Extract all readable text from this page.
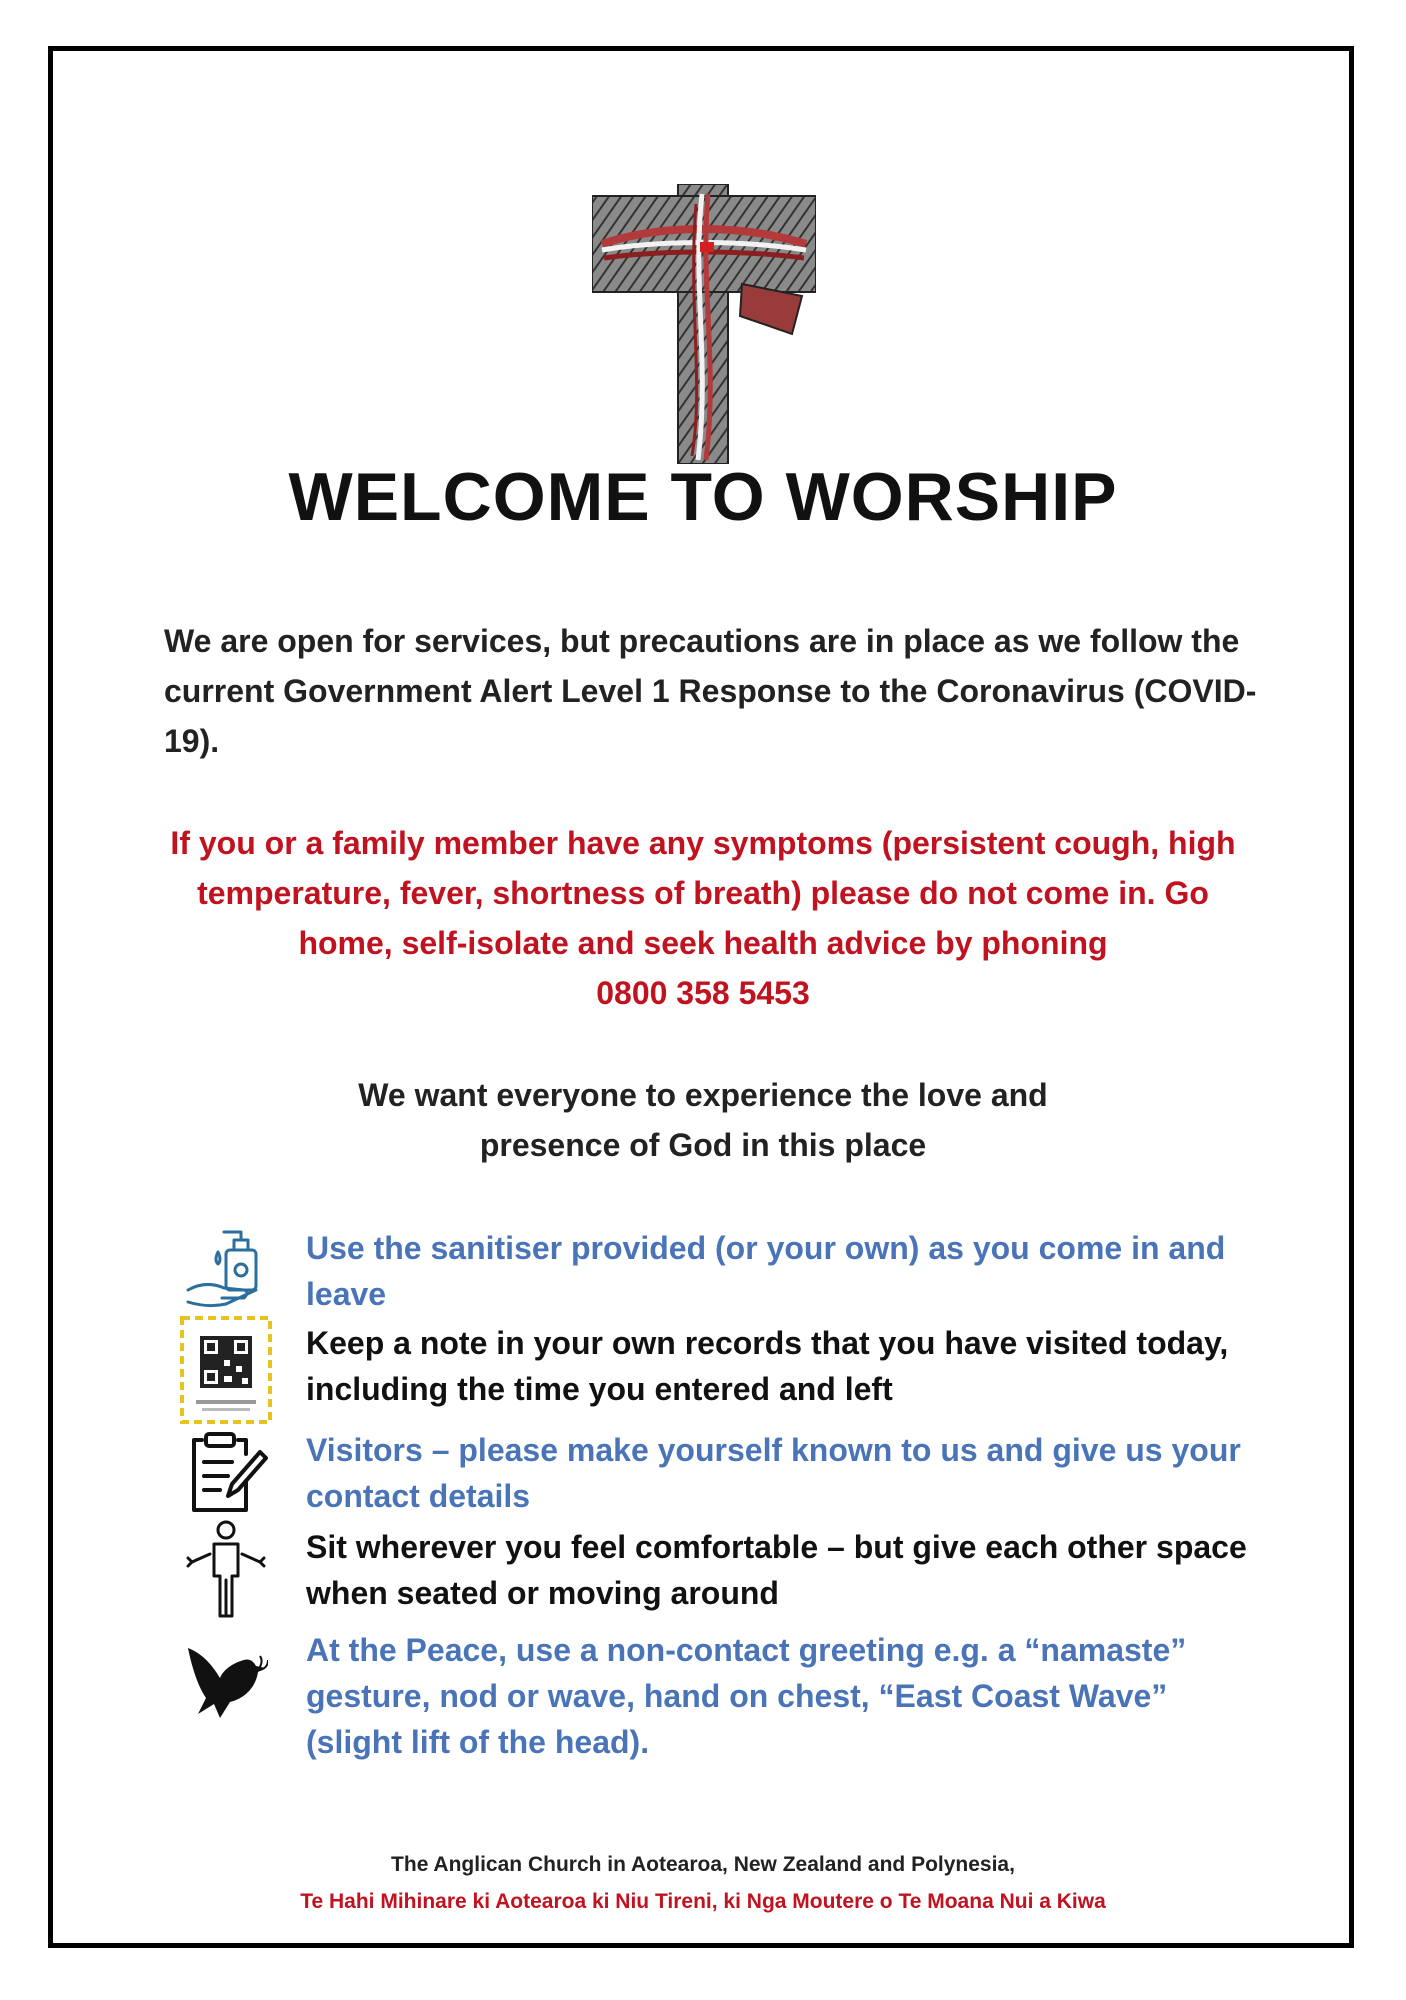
WELCOME TO WORSHIP
We are open for services, but precautions are in place as we follow the current Government Alert Level 1 Response to the Coronavirus (COVID-19).
If you or a family member have any symptoms (persistent cough, high temperature, fever, shortness of breath) please do not come in. Go home, self-isolate and seek health advice by phoning
0800 358 5453
We want everyone to experience the love and
presence of God in this place
Use the sanitiser provided (or your own) as you come in and leave
Keep a note in your own records that you have visited today, including the time you entered and left
Visitors – please make yourself known to us and give us your contact details
Sit wherever you feel comfortable – but give each other space when seated or moving around
At the Peace, use a non-contact greeting e.g. a “namaste” gesture, nod or wave, hand on chest, “East Coast Wave” (slight lift of the head).
The Anglican Church in Aotearoa, New Zealand and Polynesia,
Te Hahi Mihinare ki Aotearoa ki Niu Tireni, ki Nga Moutere o Te Moana Nui a Kiwa
